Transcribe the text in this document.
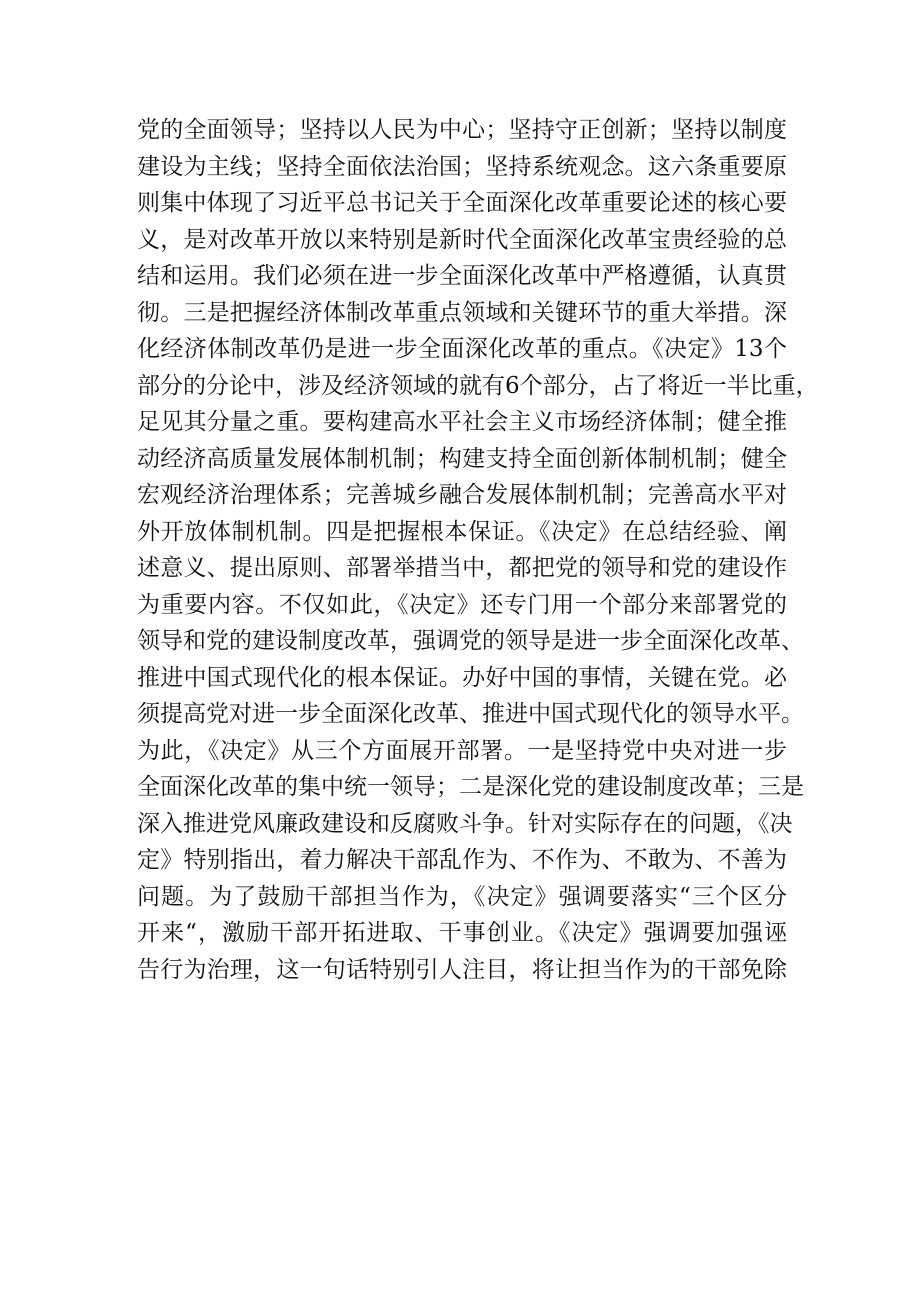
党的全面领导；坚持以人民为中心；坚持守正创新；坚持以制度
建设为主线；坚持全面依法治国；坚持系统观念。这六条重要原
则集中体现了习近平总书记关于全面深化改革重要论述的核心要
义，是对改革开放以来特别是新时代全面深化改革宝贵经验的总
结和运用。我们必须在进一步全面深化改革中严格遵循，认真贯
彻。三是把握经济体制改革重点领域和关键环节的重大举措。深
化经济体制改革仍是进一步全面深化改革的重点。《决定》13个
部分的分论中，涉及经济领域的就有6个部分，占了将近一半比重，
足见其分量之重。要构建高水平社会主义市场经济体制；健全推
动经济高质量发展体制机制；构建支持全面创新体制机制；健全
宏观经济治理体系；完善城乡融合发展体制机制；完善高水平对
外开放体制机制。四是把握根本保证。《决定》在总结经验、阐
述意义、提出原则、部署举措当中，都把党的领导和党的建设作
为重要内容。不仅如此，《决定》还专门用一个部分来部署党的
领导和党的建设制度改革，强调党的领导是进一步全面深化改革、
推进中国式现代化的根本保证。办好中国的事情，关键在党。必
须提高党对进一步全面深化改革、推进中国式现代化的领导水平。
为此，《决定》从三个方面展开部署。一是坚持党中央对进一步
全面深化改革的集中统一领导；二是深化党的建设制度改革；三是
深入推进党风廉政建设和反腐败斗争。针对实际存在的问题，《决
定》特别指出，着力解决干部乱作为、不作为、不敢为、不善为
问题。为了鼓励干部担当作为，《决定》强调要落实“三个区分
开来“，激励干部开拓进取、干事创业。《决定》强调要加强诬
告行为治理，这一句话特别引人注目，将让担当作为的干部免除
